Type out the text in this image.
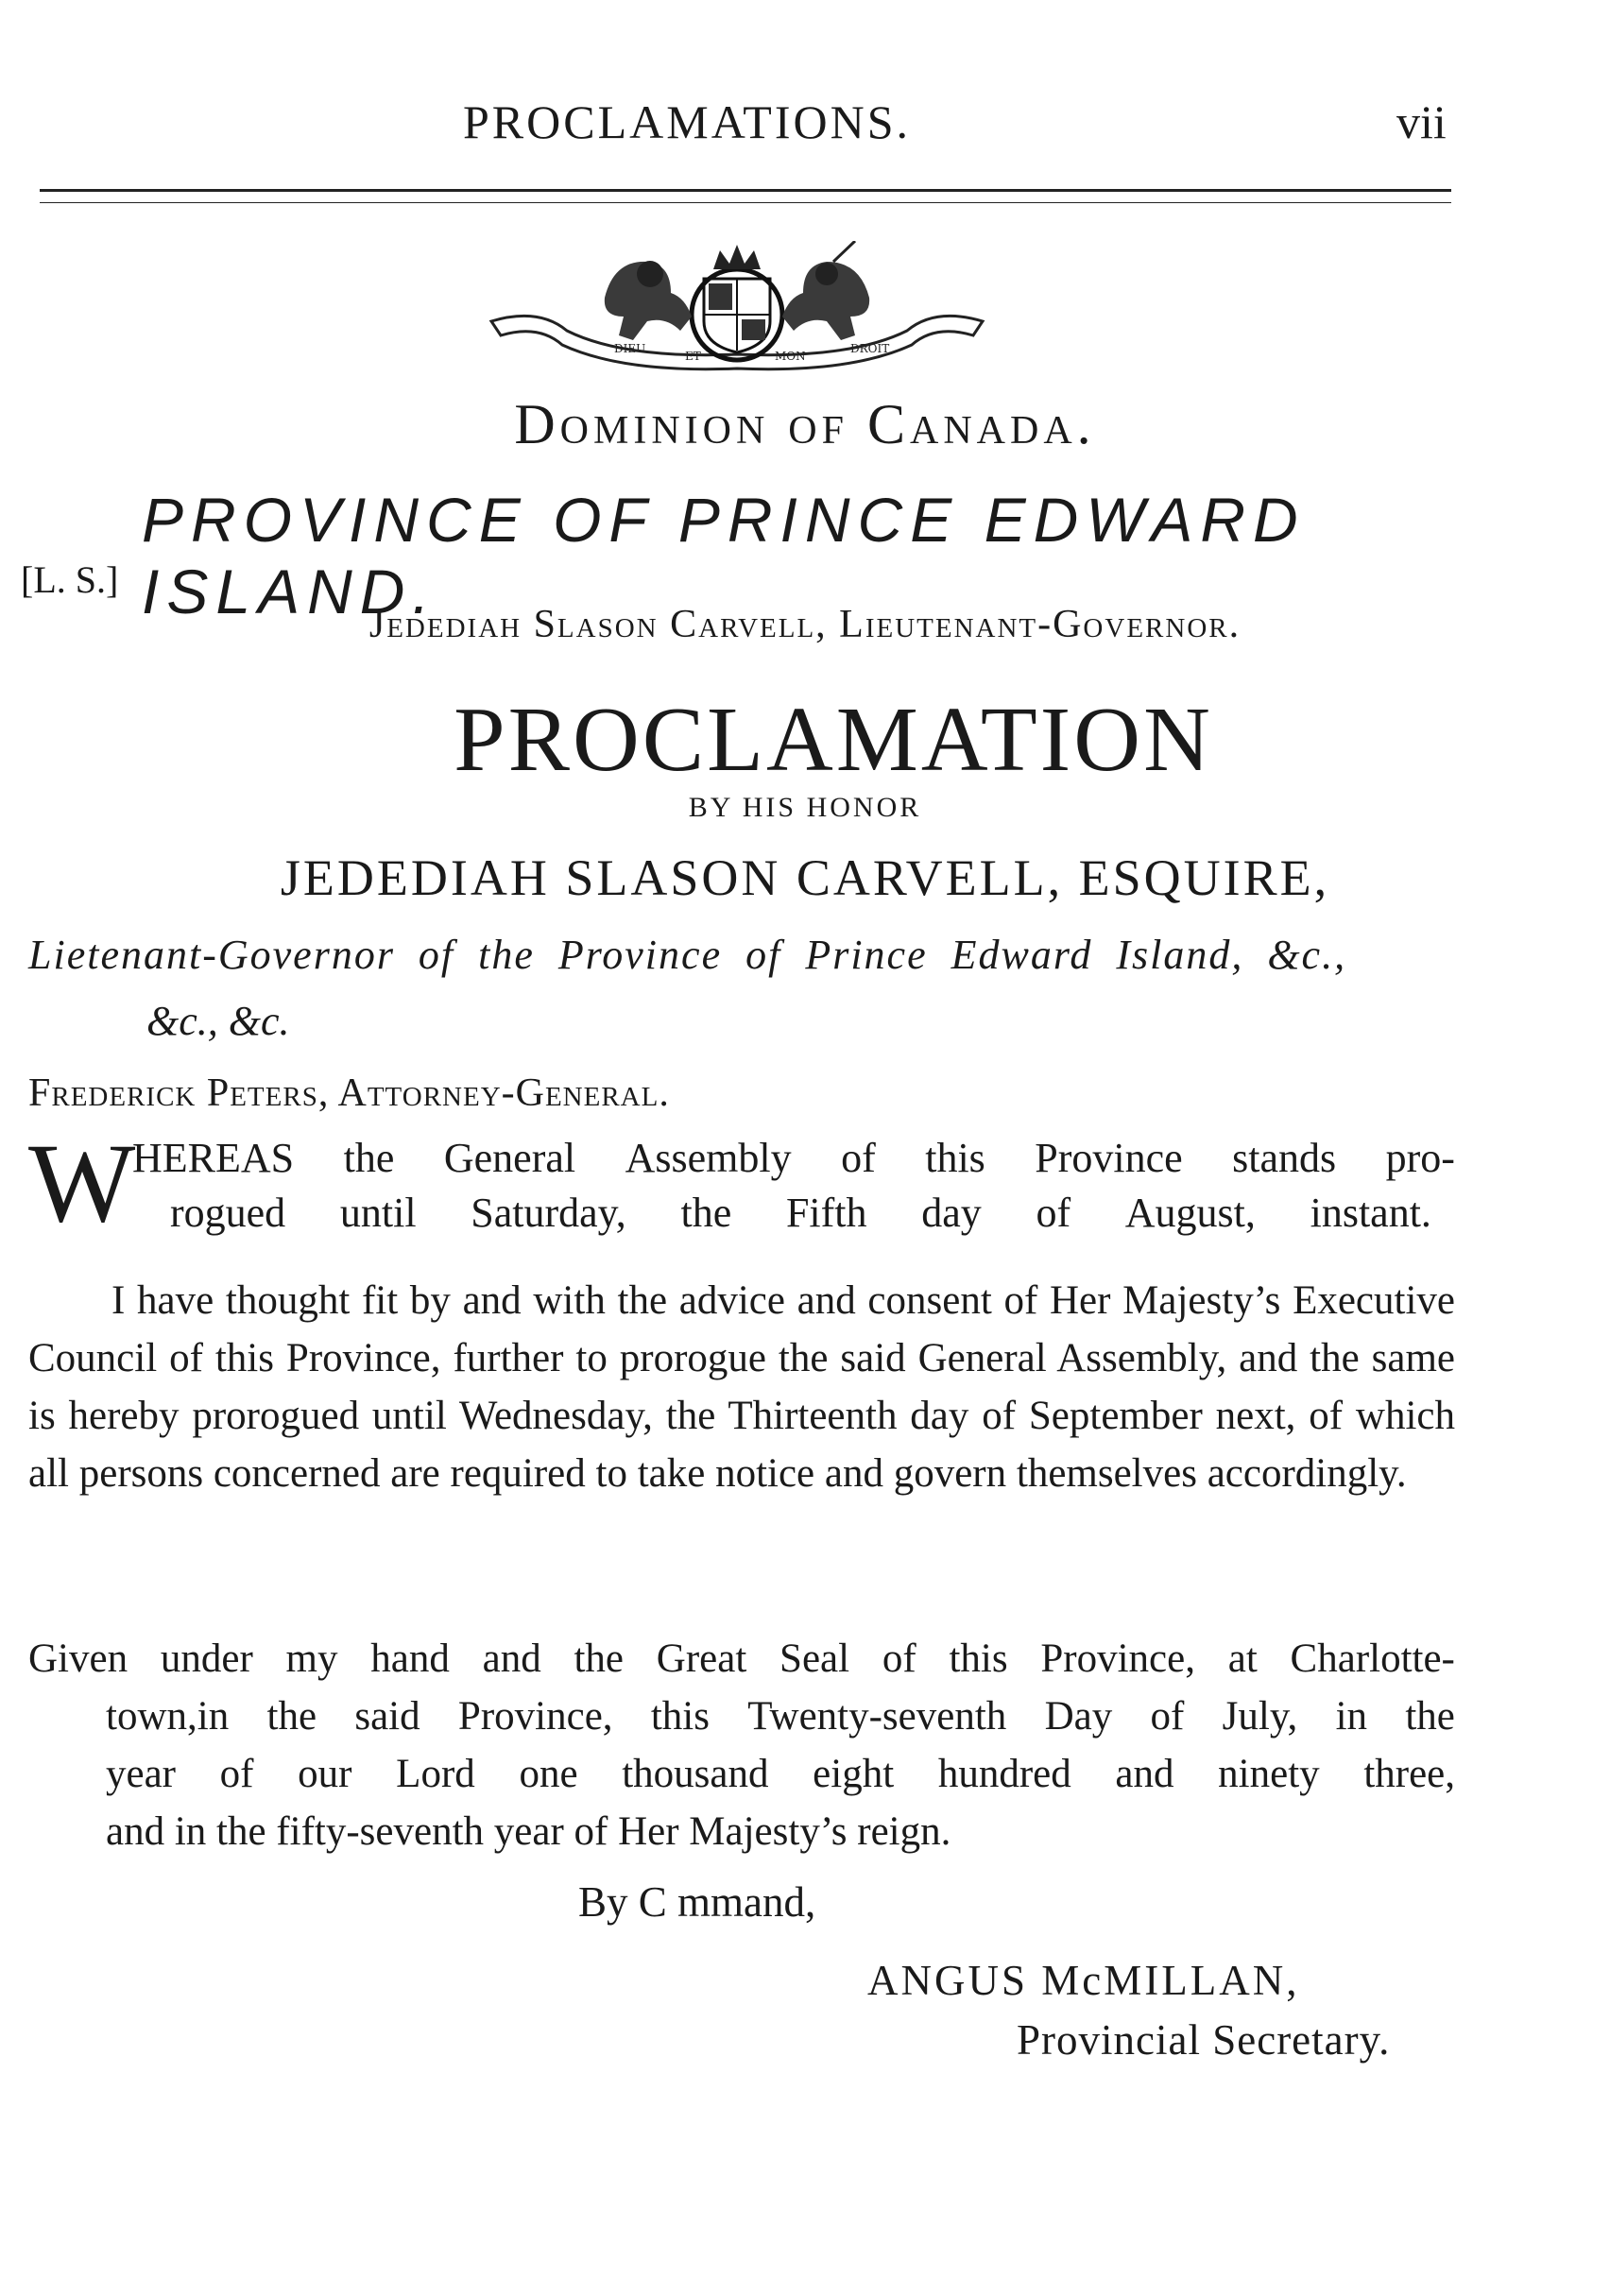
PROCLAMATIONS.	vii
DIEU
ET	MON
DROIT
Dominion of Canada.
PROVINCE OF PRINCE EDWARD ISLAND.
[L. S.]
Jedediah Slason Carvell, Lieutenant-Governor.
PROCLAMATION
BY HIS HONOR
JEDEDIAH SLASON CARVELL, ESQUIRE,
Lietenant-Governor of the Province of Prince Edward Island, &c.,
&c., &c.
Frederick Peters, Attorney-General.
W
HEREAS the General Assembly of this Province stands pro-
rogued until Saturday, the Fifth day of August, instant.
I have thought fit by and with the advice and consent of Her Majesty’s Executive Council of this Province, further to prorogue the said General Assembly, and the same is hereby prorogued until Wednesday, the Thirteenth day of September next, of which all persons concerned are required to take notice and govern themselves accordingly.
Given under my hand and the Great Seal of this Province, at Charlotte-
town,in the said Province, this Twenty-seventh Day of July, in the
year of our Lord one thousand eight hundred and ninety three,
and in the fifty-seventh year of Her Majesty’s reign.
By C mmand,
ANGUS McMILLAN,
Provincial Secretary.
